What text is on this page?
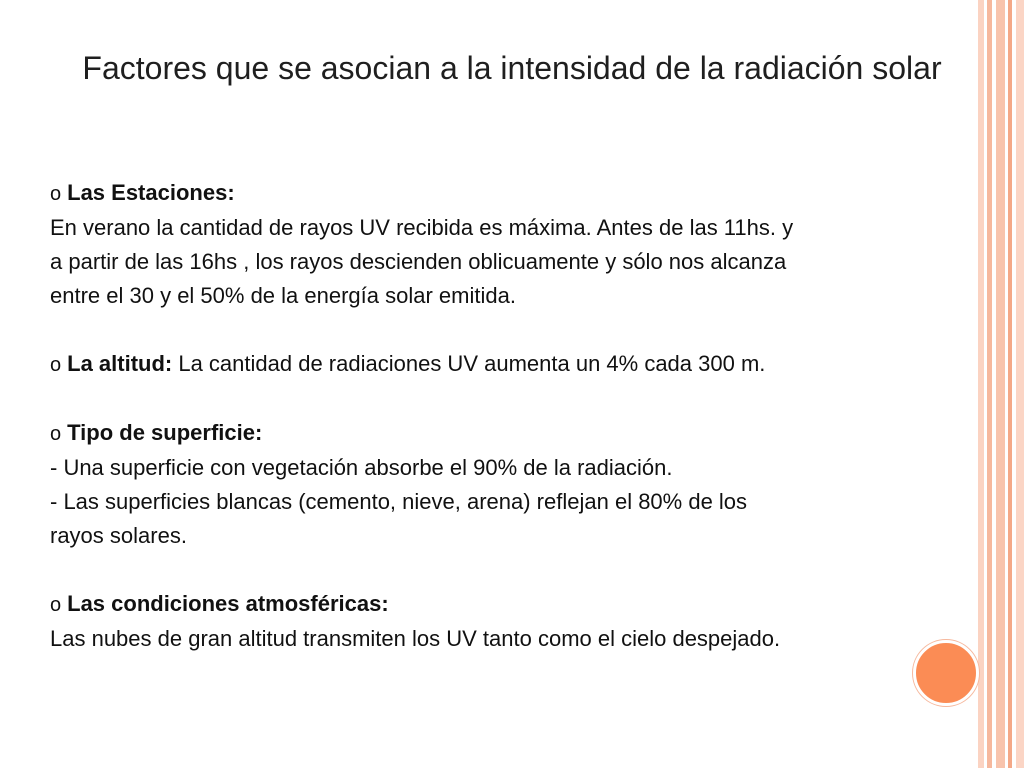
Factores que se asocian a la intensidad de la radiación solar

o Las Estaciones:

En verano la cantidad de rayos UV recibida es máxima. Antes de las 11hs. y

a partir de las 16hs , los rayos descienden oblicuamente y sólo nos alcanza

entre el 30 y el 50% de la energía solar emitida.

o La altitud: La cantidad de radiaciones UV aumenta un 4% cada 300 m.

o Tipo de superficie:

- Una superficie con vegetación absorbe el 90% de la radiación.

- Las superficies blancas (cemento, nieve, arena) reflejan el 80% de los

rayos solares.

o Las condiciones atmosféricas:

Las nubes de gran altitud transmiten los UV tanto como el cielo despejado.
